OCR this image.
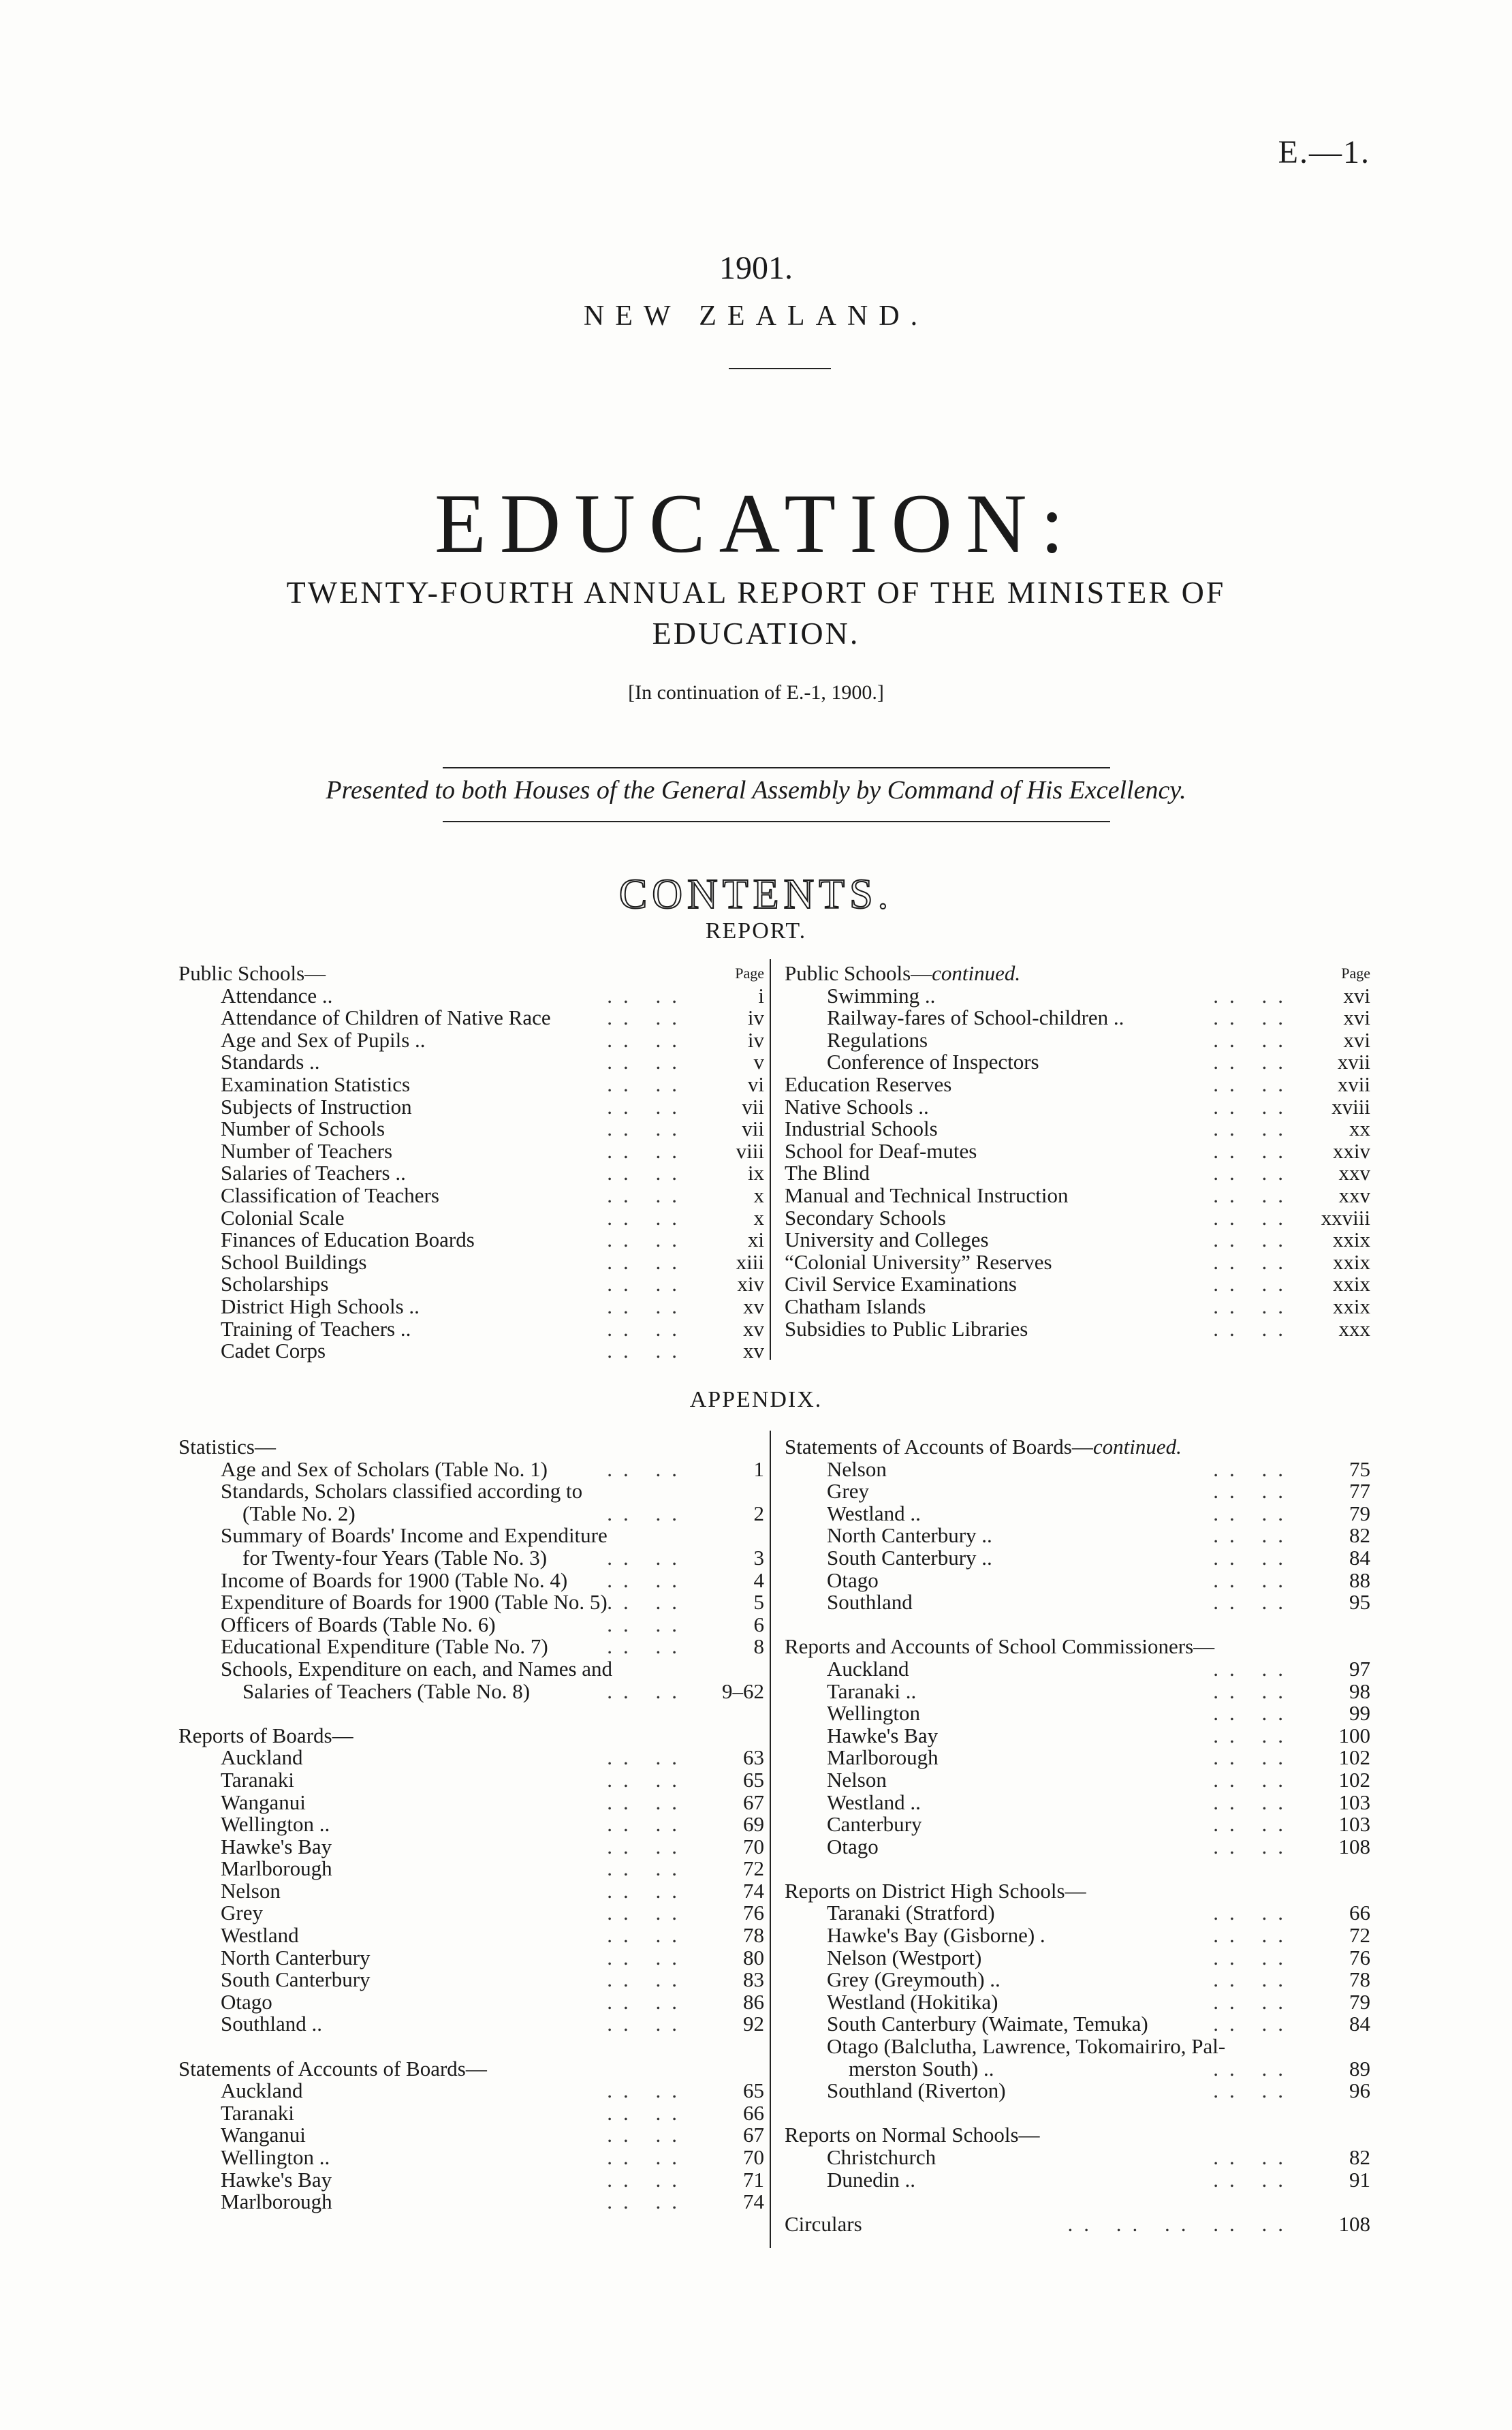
E.—1.
1901.
NEW ZEALAND.
EDUCATION:
TWENTY-FOURTH ANNUAL REPORT OF THE MINISTER OF
EDUCATION.
[In continuation of E.-1, 1900.]
Presented to both Houses of the General Assembly by Command of His Excellency.
CONTENTS.
REPORT.
Public Schools—	Page
Attendance ..	.. ..	i
Attendance of Children of Native Race	.. ..	iv
Age and Sex of Pupils ..	.. ..	iv
Standards ..	.. ..	v
Examination Statistics	.. ..	vi
Subjects of Instruction	.. ..	vii
Number of Schools	.. ..	vii
Number of Teachers	.. ..	viii
Salaries of Teachers ..	.. ..	ix
Classification of Teachers	.. ..	x
Colonial Scale	.. ..	x
Finances of Education Boards	.. ..	xi
School Buildings	.. ..	xiii
Scholarships	.. ..	xiv
District High Schools ..	.. ..	xv
Training of Teachers ..	.. ..	xv
Cadet Corps	.. ..	xv
Public Schools—continued.	Page
Swimming ..	.. ..	xvi
Railway-fares of School-children ..	.. ..	xvi
Regulations	.. ..	xvi
Conference of Inspectors	.. ..	xvii
Education Reserves	.. ..	xvii
Native Schools ..	.. ..	xviii
Industrial Schools	.. ..	xx
School for Deaf-mutes	.. ..	xxiv
The Blind	.. ..	xxv
Manual and Technical Instruction	.. ..	xxv
Secondary Schools	.. ..	xxviii
University and Colleges	.. ..	xxix
“Colonial University” Reserves	.. ..	xxix
Civil Service Examinations	.. ..	xxix
Chatham Islands	.. ..	xxix
Subsidies to Public Libraries	.. ..	xxx
APPENDIX.
Statistics—
Age and Sex of Scholars (Table No. 1)	.. ..	1
Standards, Scholars classified according to
(Table No. 2)	.. ..	2
Summary of Boards' Income and Expenditure
for Twenty-four Years (Table No. 3)	.. ..	3
Income of Boards for 1900 (Table No. 4)	.. ..	4
Expenditure of Boards for 1900 (Table No. 5) .. ..	5
Officers of Boards (Table No. 6)	.. ..	6
Educational Expenditure (Table No. 7)	.. ..	8
Schools, Expenditure on each, and Names and
Salaries of Teachers (Table No. 8)	.. ..	9–62
Reports of Boards—
Auckland	.. ..	63
Taranaki	.. ..	65
Wanganui	.. ..	67
Wellington ..	.. ..	69
Hawke's Bay	.. ..	70
Marlborough	.. ..	72
Nelson	.. ..	74
Grey	.. ..	76
Westland	.. ..	78
North Canterbury	.. ..	80
South Canterbury	.. ..	83
Otago	.. ..	86
Southland ..	.. ..	92
Statements of Accounts of Boards—
Auckland	.. ..	65
Taranaki	.. ..	66
Wanganui	.. ..	67
Wellington ..	.. ..	70
Hawke's Bay	.. ..	71
Marlborough	.. ..	74
Statements of Accounts of Boards—continued.
Nelson	.. ..	75
Grey	.. ..	77
Westland ..	.. ..	79
North Canterbury ..	.. ..	82
South Canterbury ..	.. ..	84
Otago	.. ..	88
Southland	.. ..	95
Reports and Accounts of School Commissioners—
Auckland	.. ..	97
Taranaki ..	.. ..	98
Wellington	.. ..	99
Hawke's Bay	.. ..	100
Marlborough	.. ..	102
Nelson	.. ..	102
Westland ..	.. ..	103
Canterbury	.. ..	103
Otago	.. ..	108
Reports on District High Schools—
Taranaki (Stratford)	.. ..	66
Hawke's Bay (Gisborne) .	.. ..	72
Nelson (Westport)	.. ..	76
Grey (Greymouth) ..	.. ..	78
Westland (Hokitika)	.. ..	79
South Canterbury (Waimate, Temuka)	.. ..	84
Otago (Balclutha, Lawrence, Tokomairiro, Pal-
merston South) ..	.. ..	89
Southland (Riverton)	.. ..	96
Reports on Normal Schools—
Christchurch	.. ..	82
Dunedin ..	.. ..	91
Circulars	.. .. .. .. ..	108
